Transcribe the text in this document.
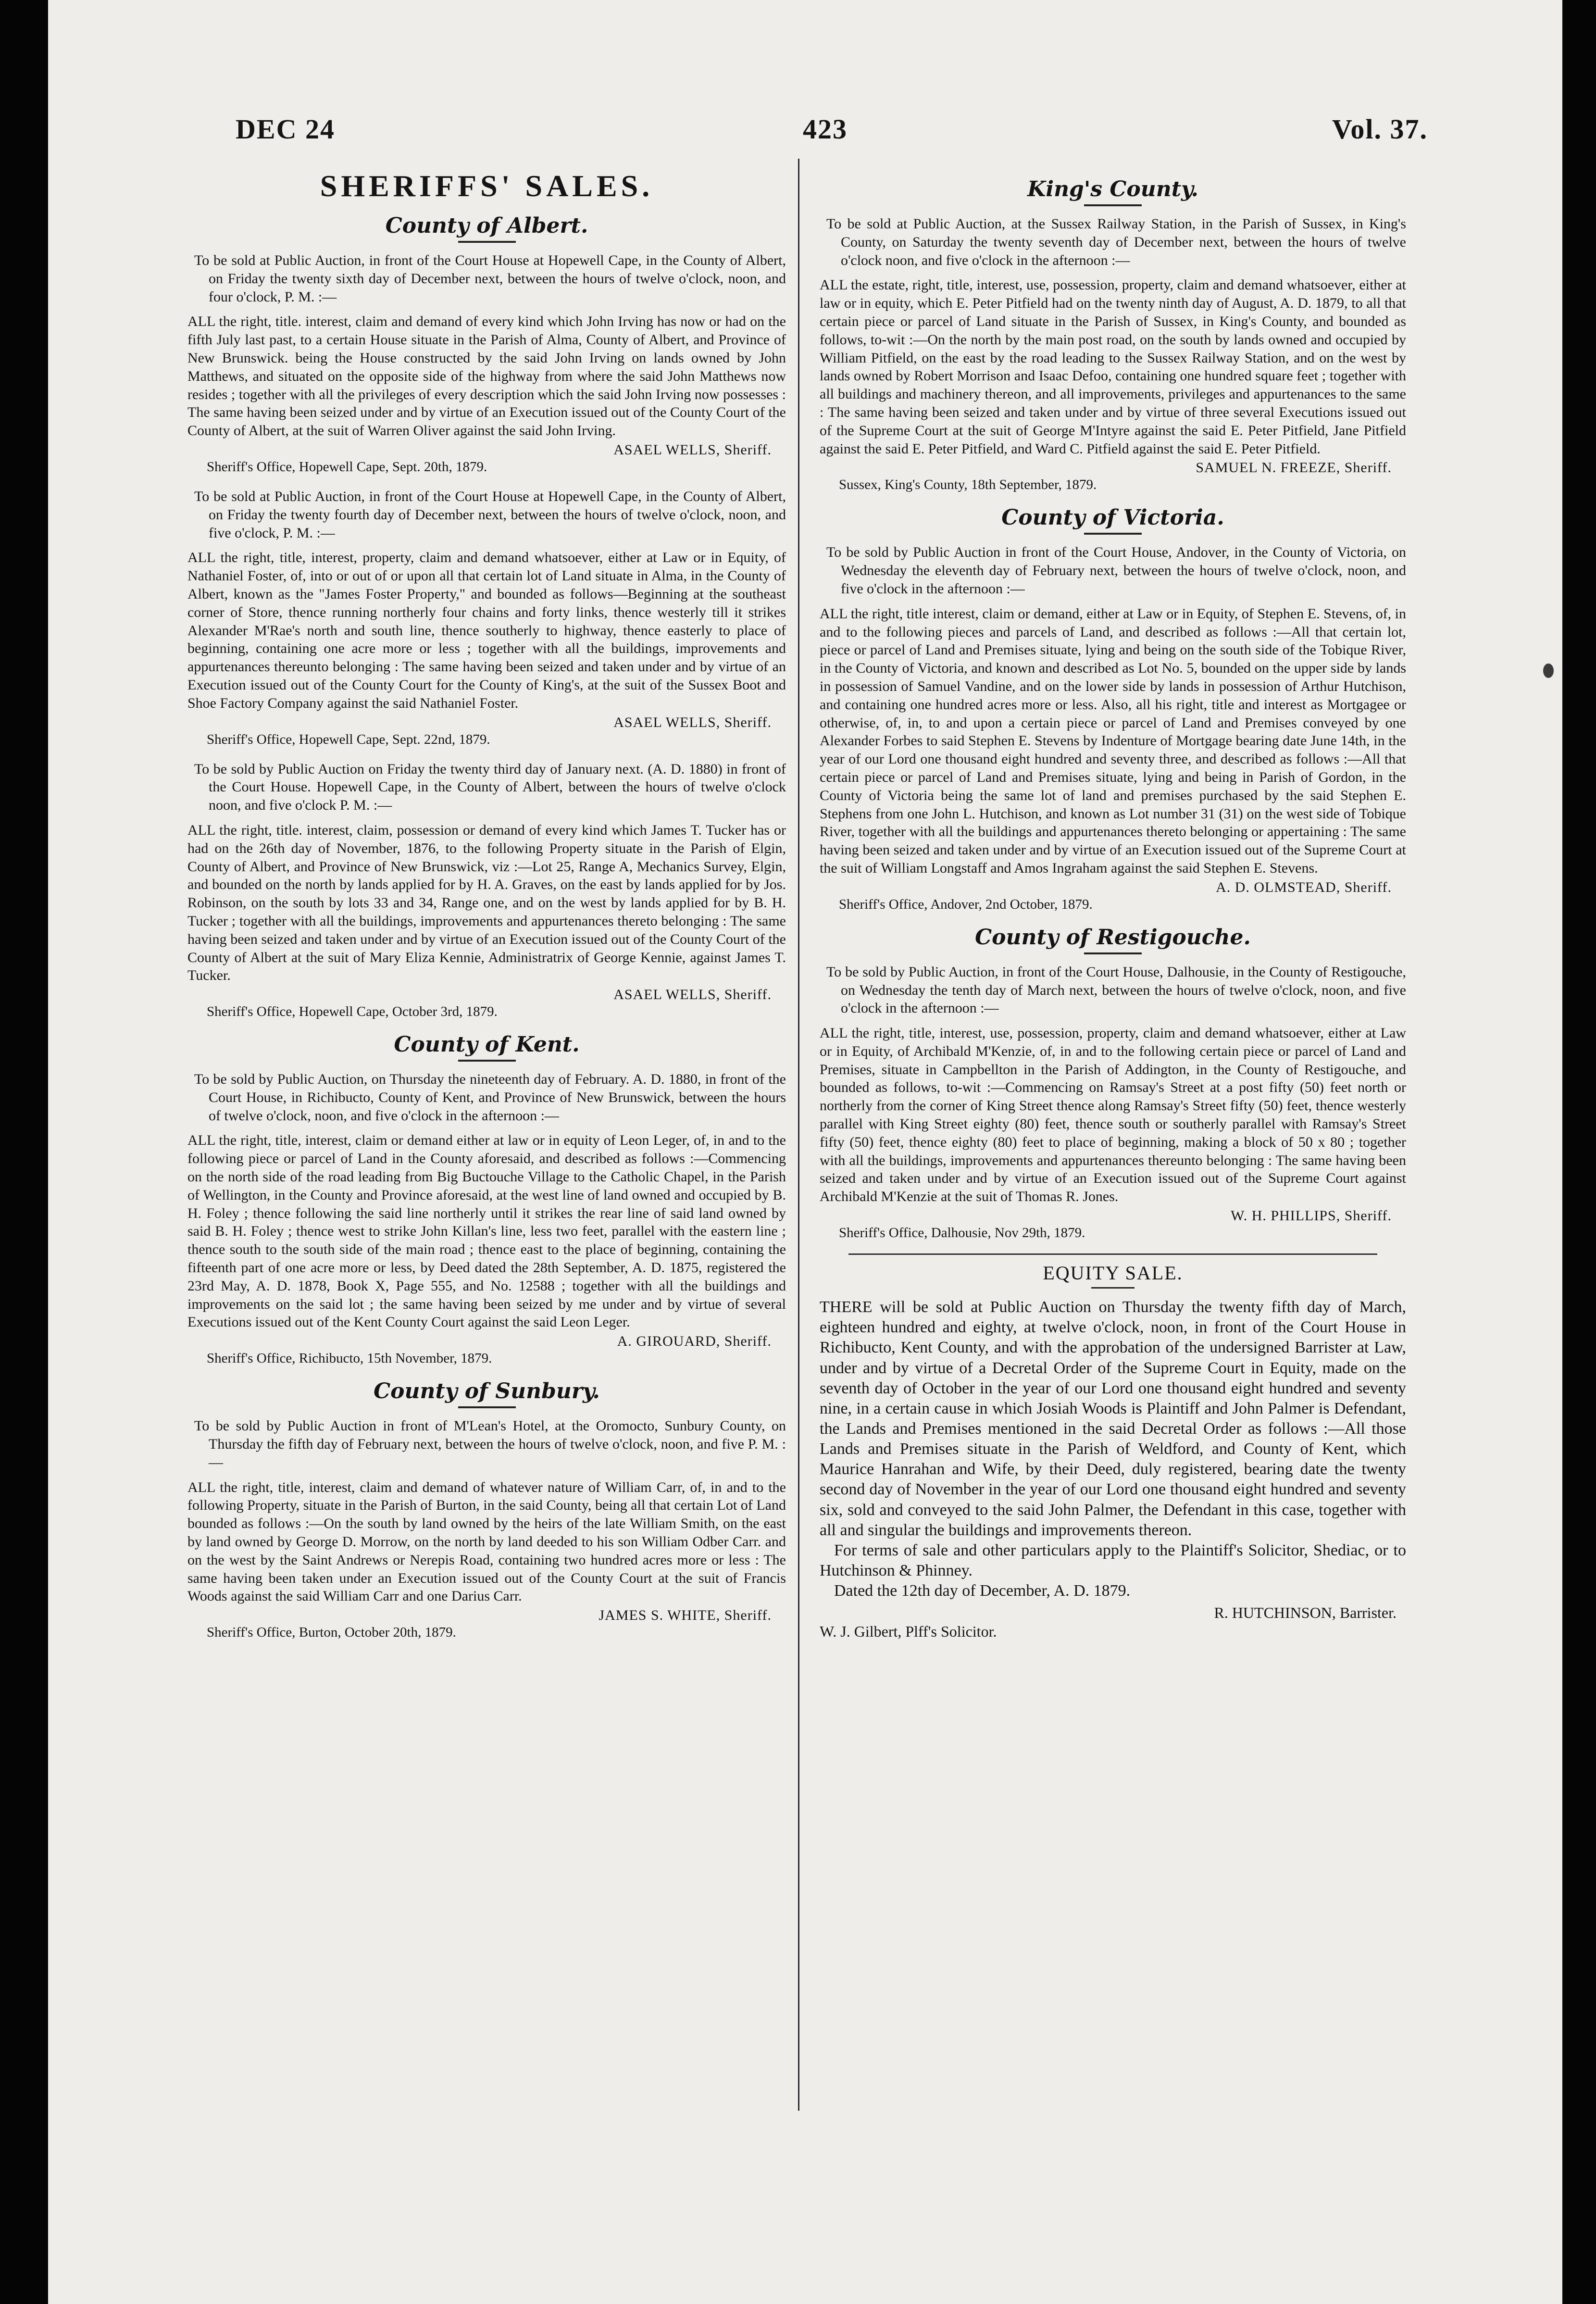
DEC 24	423	Vol. 37.
SHERIFFS' SALES.
County of Albert.

To be sold at Public Auction, in front of the Court House at Hopewell Cape, in the County of Albert, on Friday the twenty sixth day of December next, between the hours of twelve o'clock, noon, and four o'clock, P. M. :—

ALL the right, title. interest, claim and demand of every kind which John Irving has now or had on the fifth July last past, to a certain House situate in the Parish of Alma, County of Albert, and Province of New Brunswick. being the House constructed by the said John Irving on lands owned by John Matthews, and situated on the opposite side of the highway from where the said John Matthews now resides ; together with all the privileges of every description which the said John Irving now possesses : The same having been seized under and by virtue of an Execution issued out of the County Court of the County of Albert, at the suit of Warren Oliver against the said John Irving.

ASAEL WELLS, Sheriff.
Sheriff's Office, Hopewell Cape, Sept. 20th, 1879.

To be sold at Public Auction, in front of the Court House at Hopewell Cape, in the County of Albert, on Friday the twenty fourth day of December next, between the hours of twelve o'clock, noon, and five o'clock, P. M. :—

ALL the right, title, interest, property, claim and demand whatsoever, either at Law or in Equity, of Nathaniel Foster, of, into or out of or upon all that certain lot of Land situate in Alma, in the County of Albert, known as the "James Foster Property," and bounded as follows—Beginning at the southeast corner of Store, thence running northerly four chains and forty links, thence westerly till it strikes Alexander M'Rae's north and south line, thence southerly to highway, thence easterly to place of beginning, containing one acre more or less ; together with all the buildings, improvements and appurtenances thereunto belonging : The same having been seized and taken under and by virtue of an Execution issued out of the County Court for the County of King's, at the suit of the Sussex Boot and Shoe Factory Company against the said Nathaniel Foster.

ASAEL WELLS, Sheriff.
Sheriff's Office, Hopewell Cape, Sept. 22nd, 1879.

To be sold by Public Auction on Friday the twenty third day of January next. (A. D. 1880) in front of the Court House. Hopewell Cape, in the County of Albert, between the hours of twelve o'clock noon, and five o'clock P. M. :—

ALL the right, title. interest, claim, possession or demand of every kind which James T. Tucker has or had on the 26th day of November, 1876, to the following Property situate in the Parish of Elgin, County of Albert, and Province of New Brunswick, viz :—Lot 25, Range A, Mechanics Survey, Elgin, and bounded on the north by lands applied for by H. A. Graves, on the east by lands applied for by Jos. Robinson, on the south by lots 33 and 34, Range one, and on the west by lands applied for by B. H. Tucker ; together with all the buildings, improvements and appurtenances thereto belonging : The same having been seized and taken under and by virtue of an Execution issued out of the County Court of the County of Albert at the suit of Mary Eliza Kennie, Administratrix of George Kennie, against James T. Tucker.

ASAEL WELLS, Sheriff.
Sheriff's Office, Hopewell Cape, October 3rd, 1879.
County of Kent.

To be sold by Public Auction, on Thursday the nineteenth day of February. A. D. 1880, in front of the Court House, in Richibucto, County of Kent, and Province of New Brunswick, between the hours of twelve o'clock, noon, and five o'clock in the afternoon :—

ALL the right, title, interest, claim or demand either at law or in equity of Leon Leger, of, in and to the following piece or parcel of Land in the County aforesaid, and described as follows :—Commencing on the north side of the road leading from Big Buctouche Village to the Catholic Chapel, in the Parish of Wellington, in the County and Province aforesaid, at the west line of land owned and occupied by B. H. Foley ; thence following the said line northerly until it strikes the rear line of said land owned by said B. H. Foley ; thence west to strike John Killan's line, less two feet, parallel with the eastern line ; thence south to the south side of the main road ; thence east to the place of beginning, containing the fifteenth part of one acre more or less, by Deed dated the 28th September, A. D. 1875, registered the 23rd May, A. D. 1878, Book X, Page 555, and No. 12588 ; together with all the buildings and improvements on the said lot ; the same having been seized by me under and by virtue of several Executions issued out of the Kent County Court against the said Leon Leger.

A. GIROUARD, Sheriff.
Sheriff's Office, Richibucto, 15th November, 1879.
County of Sunbury.

To be sold by Public Auction in front of M'Lean's Hotel, at the Oromocto, Sunbury County, on Thursday the fifth day of February next, between the hours of twelve o'clock, noon, and five P. M. :—

ALL the right, title, interest, claim and demand of whatever nature of William Carr, of, in and to the following Property, situate in the Parish of Burton, in the said County, being all that certain Lot of Land bounded as follows :—On the south by land owned by the heirs of the late William Smith, on the east by land owned by George D. Morrow, on the north by land deeded to his son William Odber Carr. and on the west by the Saint Andrews or Nerepis Road, containing two hundred acres more or less : The same having been taken under an Execution issued out of the County Court at the suit of Francis Woods against the said William Carr and one Darius Carr.

JAMES S. WHITE, Sheriff.
Sheriff's Office, Burton, October 20th, 1879.
King's County.

To be sold at Public Auction, at the Sussex Railway Station, in the Parish of Sussex, in King's County, on Saturday the twenty seventh day of December next, between the hours of twelve o'clock noon, and five o'clock in the afternoon :—

ALL the estate, right, title, interest, use, possession, property, claim and demand whatsoever, either at law or in equity, which E. Peter Pitfield had on the twenty ninth day of August, A. D. 1879, to all that certain piece or parcel of Land situate in the Parish of Sussex, in King's County, and bounded as follows, to-wit :—On the north by the main post road, on the south by lands owned and occupied by William Pitfield, on the east by the road leading to the Sussex Railway Station, and on the west by lands owned by Robert Morrison and Isaac Defoo, containing one hundred square feet ; together with all buildings and machinery thereon, and all improvements, privileges and appurtenances to the same : The same having been seized and taken under and by virtue of three several Executions issued out of the Supreme Court at the suit of George M'Intyre against the said E. Peter Pitfield, Jane Pitfield against the said E. Peter Pitfield, and Ward C. Pitfield against the said E. Peter Pitfield.

SAMUEL N. FREEZE, Sheriff.
Sussex, King's County, 18th September, 1879.
County of Victoria.

To be sold by Public Auction in front of the Court House, Andover, in the County of Victoria, on Wednesday the eleventh day of February next, between the hours of twelve o'clock, noon, and five o'clock in the afternoon :—

ALL the right, title interest, claim or demand, either at Law or in Equity, of Stephen E. Stevens, of, in and to the following pieces and parcels of Land, and described as follows :—All that certain lot, piece or parcel of Land and Premises situate, lying and being on the south side of the Tobique River, in the County of Victoria, and known and described as Lot No. 5, bounded on the upper side by lands in possession of Samuel Vandine, and on the lower side by lands in possession of Arthur Hutchison, and containing one hundred acres more or less. Also, all his right, title and interest as Mortgagee or otherwise, of, in, to and upon a certain piece or parcel of Land and Premises conveyed by one Alexander Forbes to said Stephen E. Stevens by Indenture of Mortgage bearing date June 14th, in the year of our Lord one thousand eight hundred and seventy three, and described as follows :—All that certain piece or parcel of Land and Premises situate, lying and being in Parish of Gordon, in the County of Victoria being the same lot of land and premises purchased by the said Stephen E. Stephens from one John L. Hutchison, and known as Lot number 31 (31) on the west side of Tobique River, together with all the buildings and appurtenances thereto belonging or appertaining : The same having been seized and taken under and by virtue of an Execution issued out of the Supreme Court at the suit of William Longstaff and Amos Ingraham against the said Stephen E. Stevens.

A. D. OLMSTEAD, Sheriff.
Sheriff's Office, Andover, 2nd October, 1879.
County of Restigouche.

To be sold by Public Auction, in front of the Court House, Dalhousie, in the County of Restigouche, on Wednesday the tenth day of March next, between the hours of twelve o'clock, noon, and five o'clock in the afternoon :—

ALL the right, title, interest, use, possession, property, claim and demand whatsoever, either at Law or in Equity, of Archibald M'Kenzie, of, in and to the following certain piece or parcel of Land and Premises, situate in Campbellton in the Parish of Addington, in the County of Restigouche, and bounded as follows, to-wit :—Commencing on Ramsay's Street at a post fifty (50) feet north or northerly from the corner of King Street thence along Ramsay's Street fifty (50) feet, thence westerly parallel with King Street eighty (80) feet, thence south or southerly parallel with Ramsay's Street fifty (50) feet, thence eighty (80) feet to place of beginning, making a block of 50 x 80 ; together with all the buildings, improvements and appurtenances thereunto belonging : The same having been seized and taken under and by virtue of an Execution issued out of the Supreme Court against Archibald M'Kenzie at the suit of Thomas R. Jones.

W. H. PHILLIPS, Sheriff.
Sheriff's Office, Dalhousie, Nov 29th, 1879.
EQUITY SALE.

THERE will be sold at Public Auction on Thursday the twenty fifth day of March, eighteen hundred and eighty, at twelve o'clock, noon, in front of the Court House in Richibucto, Kent County, and with the approbation of the undersigned Barrister at Law, under and by virtue of a Decretal Order of the Supreme Court in Equity, made on the seventh day of October in the year of our Lord one thousand eight hundred and seventy nine, in a certain cause in which Josiah Woods is Plaintiff and John Palmer is Defendant, the Lands and Premises mentioned in the said Decretal Order as follows :—All those Lands and Premises situate in the Parish of Weldford, and County of Kent, which Maurice Hanrahan and Wife, by their Deed, duly registered, bearing date the twenty second day of November in the year of our Lord one thousand eight hundred and seventy six, sold and conveyed to the said John Palmer, the Defendant in this case, together with all and singular the buildings and improvements thereon.

For terms of sale and other particulars apply to the Plaintiff's Solicitor, Shediac, or to Hutchinson & Phinney.

Dated the 12th day of December, A. D. 1879.

R. HUTCHINSON, Barrister.
W. J. Gilbert, Plff's Solicitor.
